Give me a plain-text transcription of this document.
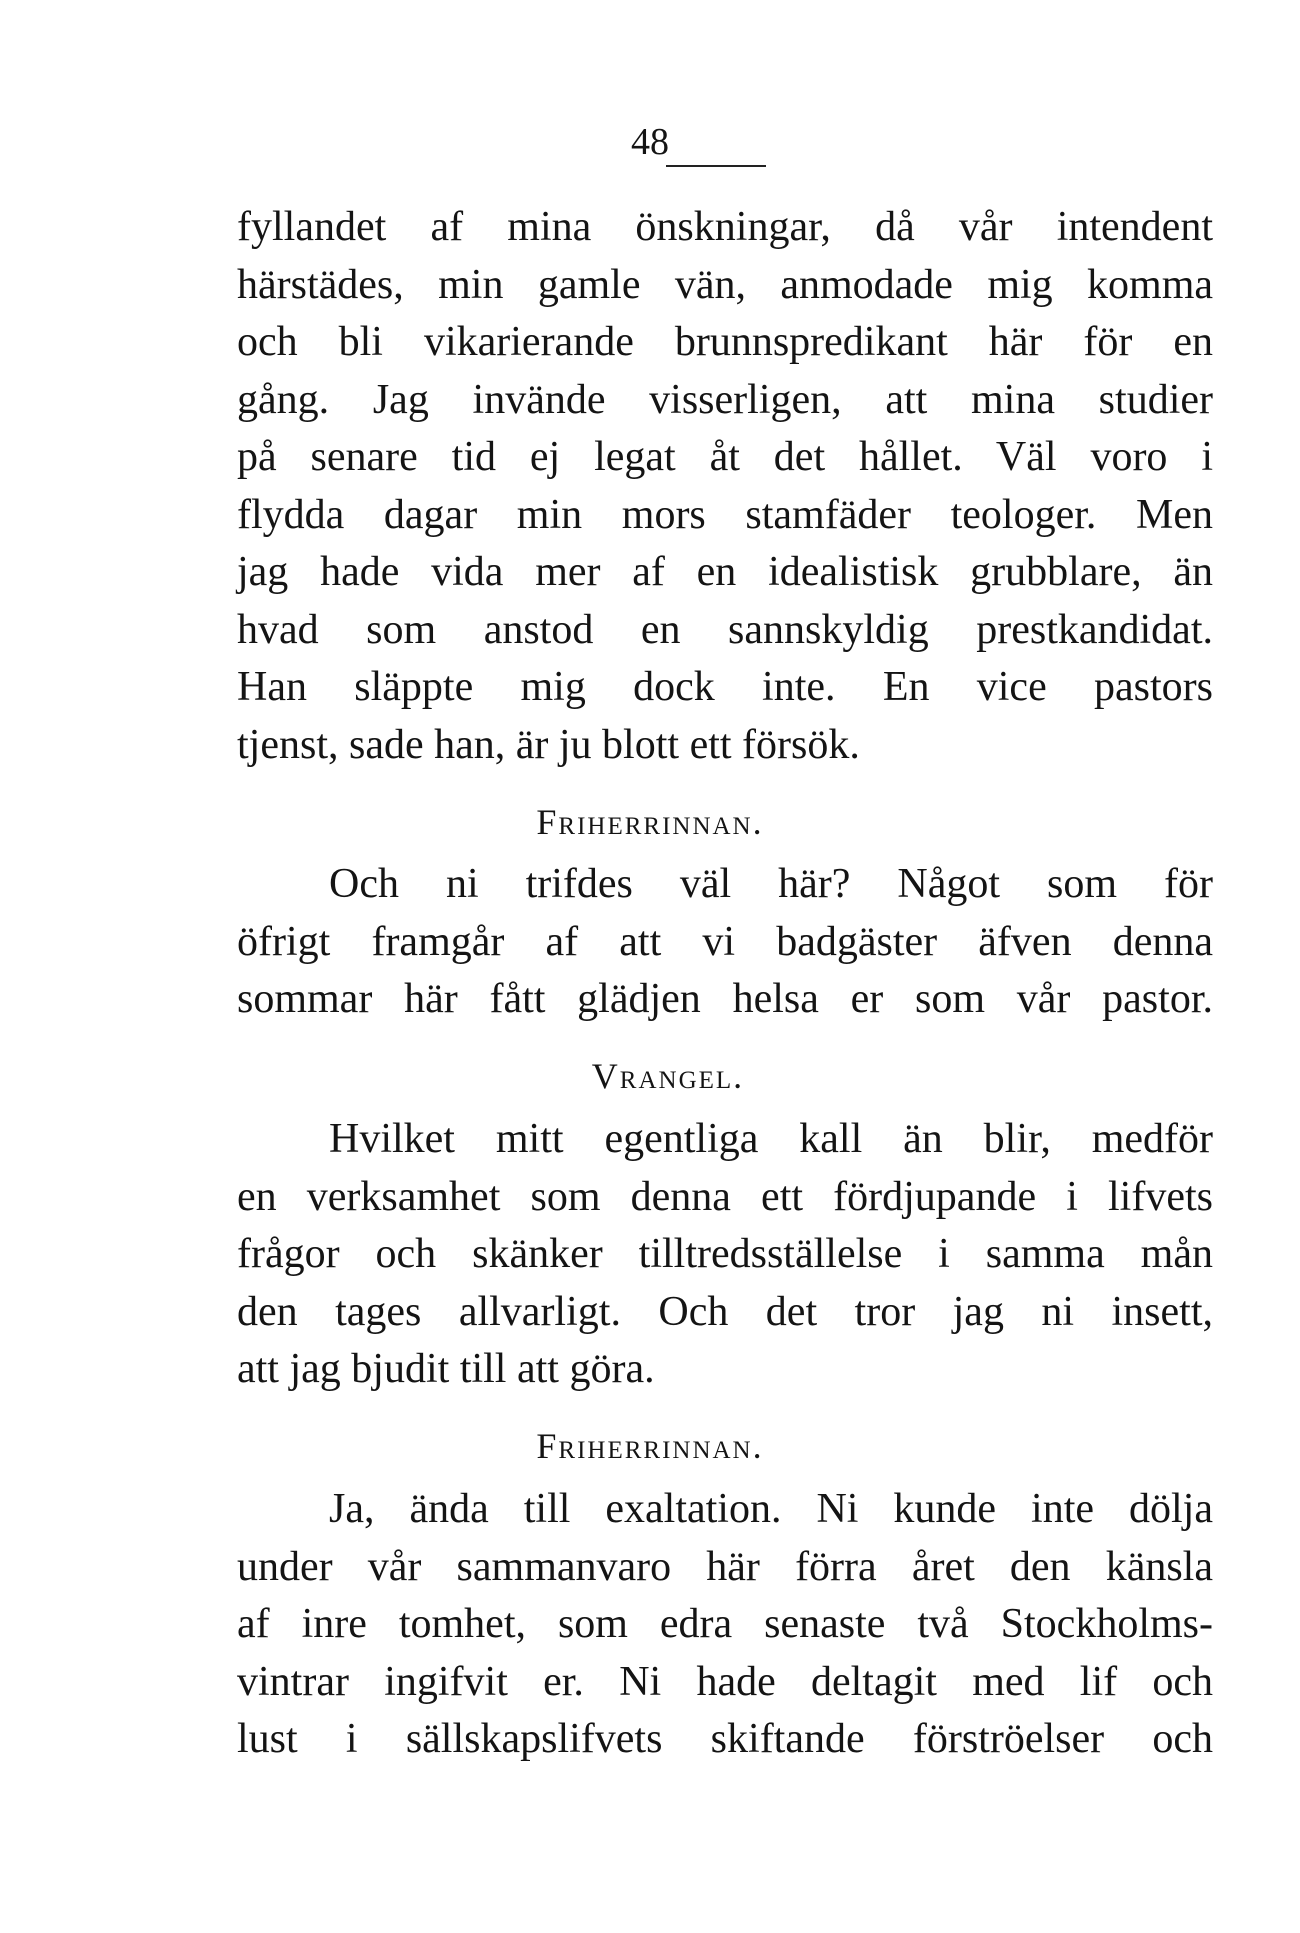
48
fyllandet af mina önskningar, då vår intendent
härstädes, min gamle vän, anmodade mig komma
och bli vikarierande brunnspredikant här för en
gång. Jag invände visserligen, att mina studier
på senare tid ej legat åt det hållet. Väl voro i
flydda dagar min mors stamfäder teologer. Men
jag hade vida mer af en idealistisk grubblare, än
hvad som anstod en sannskyldig prestkandidat.
Han släppte mig dock inte. En vice pastors
tjenst, sade han, är ju blott ett försök.
Friherrinnan.
Och ni trifdes väl här? Något som för
öfrigt framgår af att vi badgäster äfven denna
sommar här fått glädjen helsa er som vår pastor.
Vrangel.
Hvilket mitt egentliga kall än blir, medför
en verksamhet som denna ett fördjupande i lifvets
frågor och skänker tilltredsställelse i samma mån
den tages allvarligt. Och det tror jag ni insett,
att jag bjudit till att göra.
Friherrinnan.
Ja, ända till exaltation. Ni kunde inte dölja
under vår sammanvaro här förra året den känsla
af inre tomhet, som edra senaste två Stockholms-
vintrar ingifvit er. Ni hade deltagit med lif och
lust i sällskapslifvets skiftande förströelser och
